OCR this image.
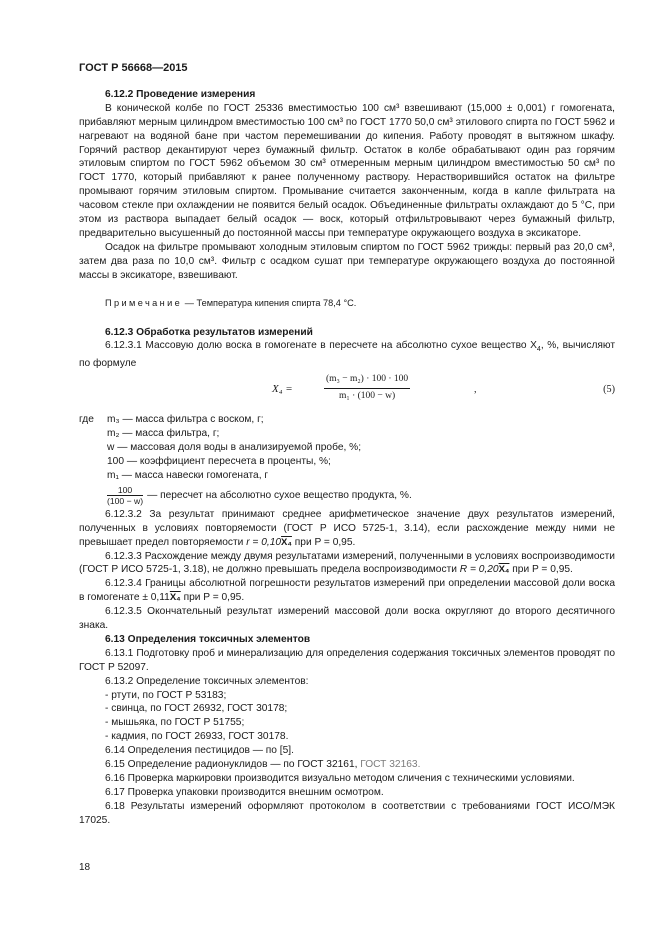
ГОСТ Р 56668—2015

6.12.2 Проведение измерения

В конической колбе по ГОСТ 25336 вместимостью 100 см³ взвешивают (15,000 ± 0,001) г гомогената, прибавляют мерным цилиндром вместимостью 100 см³ по ГОСТ 1770 50,0 см³ этилового спирта по ГОСТ 5962 и нагревают на водяной бане при частом перемешивании до кипения. Работу проводят в вытяжном шкафу. Горячий раствор декантируют через бумажный фильтр. Остаток в колбе обрабатывают один раз горячим этиловым спиртом по ГОСТ 5962 объемом 30 см³ отмеренным мерным цилиндром вместимостью 50 см³ по ГОСТ 1770, который прибавляют к ранее полученному раствору. Нерастворившийся остаток на фильтре промывают горячим этиловым спиртом. Промывание считается законченным, когда в капле фильтрата на часовом стекле при охлаждении не появится белый осадок. Объединенные фильтраты охлаждают до 5 °С, при этом из раствора выпадает белый осадок — воск, который отфильтровывают через бумажный фильтр, предварительно высушенный до постоянной массы при температуре окружающего воздуха в эксикаторе.

Осадок на фильтре промывают холодным этиловым спиртом по ГОСТ 5962 трижды: первый раз 20,0 см³, затем два раза по 10,0 см³. Фильтр с осадком сушат при температуре окружающего воздуха до постоянной массы в эксикаторе, взвешивают.

Примечание — Температура кипения спирта 78,4 °С.

6.12.3 Обработка результатов измерений

6.12.3.1 Массовую долю воска в гомогенате в пересчете на абсолютно сухое вещество $X_4$, %, вычисляют по формуле

X₄ =	$\frac{\text{(m₃ − m₂) · 100 · 100}}{\text{m₁ · (100 − w)}}$	,	(5)
где m₃ — масса фильтра с воском, г;
m₂ — масса фильтра, г;
w — массовая доля воды в анализируемой пробе, %;
100 — коэффициент пересчета в проценты, %;
m₁ — масса навески гомогената, г
$\frac{100}{(100 - w)}$ — пересчет на абсолютно сухое вещество продукта, %.

6.12.3.2 За результат принимают среднее арифметическое значение двух результатов измерений, полученных в условиях повторяемости (ГОСТ Р ИСО 5725-1, 3.14), если расхождение между ними не превышает предел повторяемости r = 0,10X₄ при P = 0,95.

6.12.3.3 Расхождение между двумя результатами измерений, полученными в условиях воспроизводимости (ГОСТ Р ИСО 5725-1, 3.18), не должно превышать предела воспроизводимости R = 0,20X₄ при P = 0,95.

6.12.3.4 Границы абсолютной погрешности результатов измерений при определении массовой доли воска в гомогенате ± 0,11X₄ при P = 0,95.

6.12.3.5 Окончательный результат измерений массовой доли воска округляют до второго десятичного знака.

6.13 Определения токсичных элементов

6.13.1 Подготовку проб и минерализацию для определения содержания токсичных элементов проводят по ГОСТ Р 52097.

6.13.2 Определение токсичных элементов:

- ртути, по ГОСТ Р 53183;

- свинца, по ГОСТ 26932, ГОСТ 30178;

- мышьяка, по ГОСТ Р 51755;

- кадмия, по ГОСТ 26933, ГОСТ 30178.

6.14 Определения пестицидов — по [5].

6.15 Определение радионуклидов — по ГОСТ 32161, ГОСТ 32163.

6.16 Проверка маркировки производится визуально методом сличения с техническими условиями.

6.17 Проверка упаковки производится внешним осмотром.

6.18 Результаты измерений оформляют протоколом в соответствии с требованиями ГОСТ ИСО/МЭК 17025.

18
